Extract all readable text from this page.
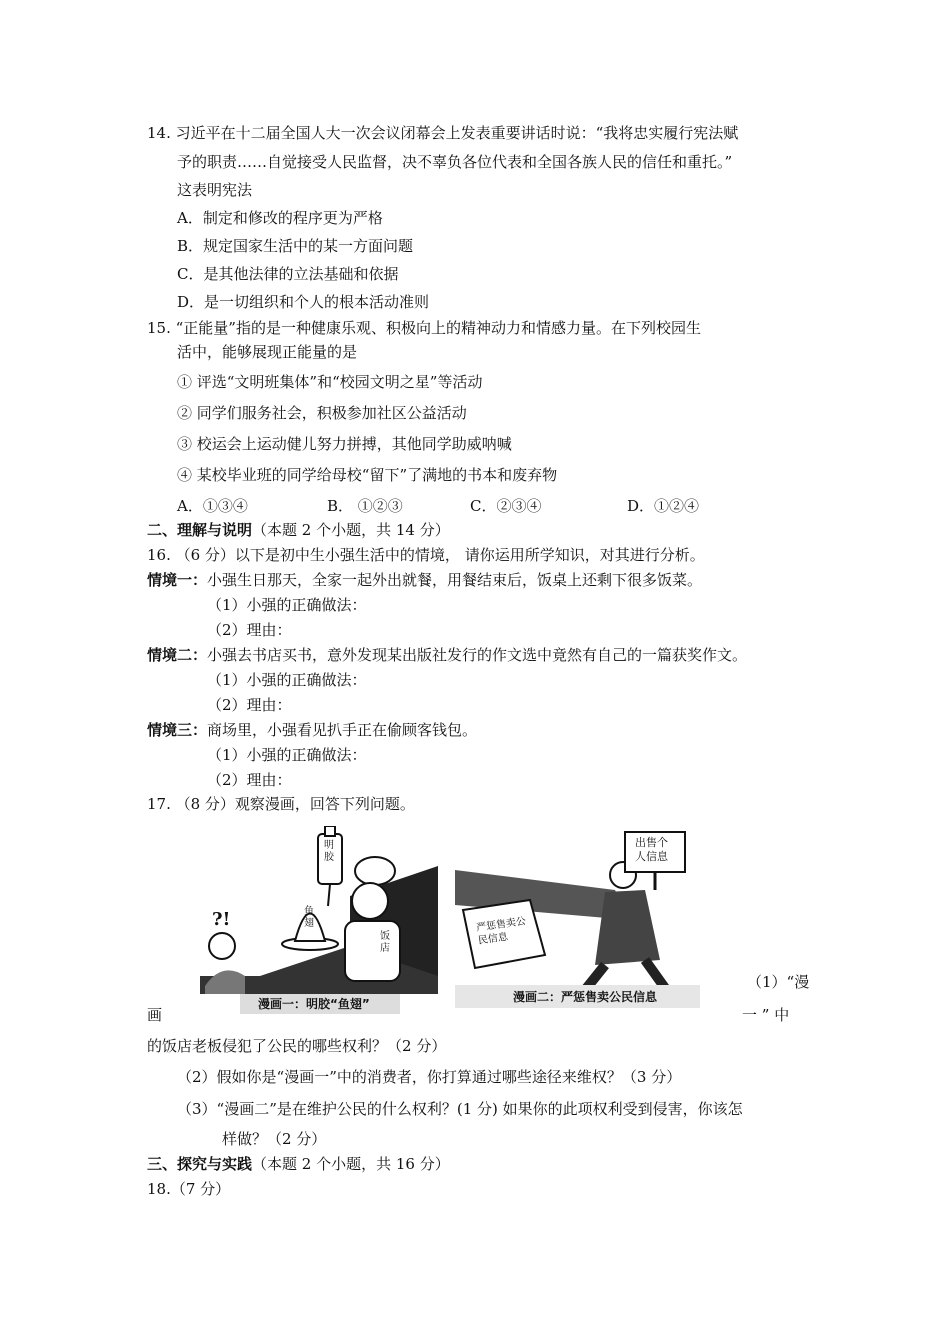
14. 习近平在十二届全国人大一次会议闭幕会上发表重要讲话时说：“我将忠实履行宪法赋
予的职责……自觉接受人民监督，决不辜负各位代表和全国各族人民的信任和重托。”
这表明宪法
A．制定和修改的程序更为严格
B．规定国家生活中的某一方面问题
C．是其他法律的立法基础和依据
D．是一切组织和个人的根本活动准则
15. “正能量”指的是一种健康乐观、积极向上的精神动力和情感力量。在下列校园生
活中，能够展现正能量的是
① 评选“文明班集体”和“校园文明之星”等活动
② 同学们服务社会，积极参加社区公益活动
③ 校运会上运动健儿努力拼搏，其他同学助威呐喊
④ 某校毕业班的同学给母校“留下”了满地的书本和废弃物
A．①③④	B． ①②③	C．②③④	D．①②④
二、理解与说明（本题 2 个小题，共 14 分）
16. （6 分）以下是初中生小强生活中的情境， 请你运用所学知识，对其进行分析。
情境一：小强生日那天，全家一起外出就餐，用餐结束后，饭桌上还剩下很多饭菜。
（1）小强的正确做法：
（2）理由：
情境二：小强去书店买书，意外发现某出版社发行的作文选中竟然有自己的一篇获奖作文。
（1）小强的正确做法：
（2）理由：
情境三：商场里，小强看见扒手正在偷顾客钱包。
（1）小强的正确做法：
（2）理由：
17. （8 分）观察漫画，回答下列问题。
明胶
鱼翅
饭店
?!
漫画一：明胶“鱼翅”
出售个人信息
严惩售卖公民信息
漫画二：严惩售卖公民信息
（1）“漫
画	一 ” 中
的饭店老板侵犯了公民的哪些权利？（2 分）
（2）假如你是“漫画一”中的消费者，你打算通过哪些途径来维权？（3 分）
（3）“漫画二”是在维护公民的什么权利？(1 分) 如果你的此项权利受到侵害，你该怎
样做？（2 分）
三、探究与实践（本题 2 个小题，共 16 分）
18.（7 分）
